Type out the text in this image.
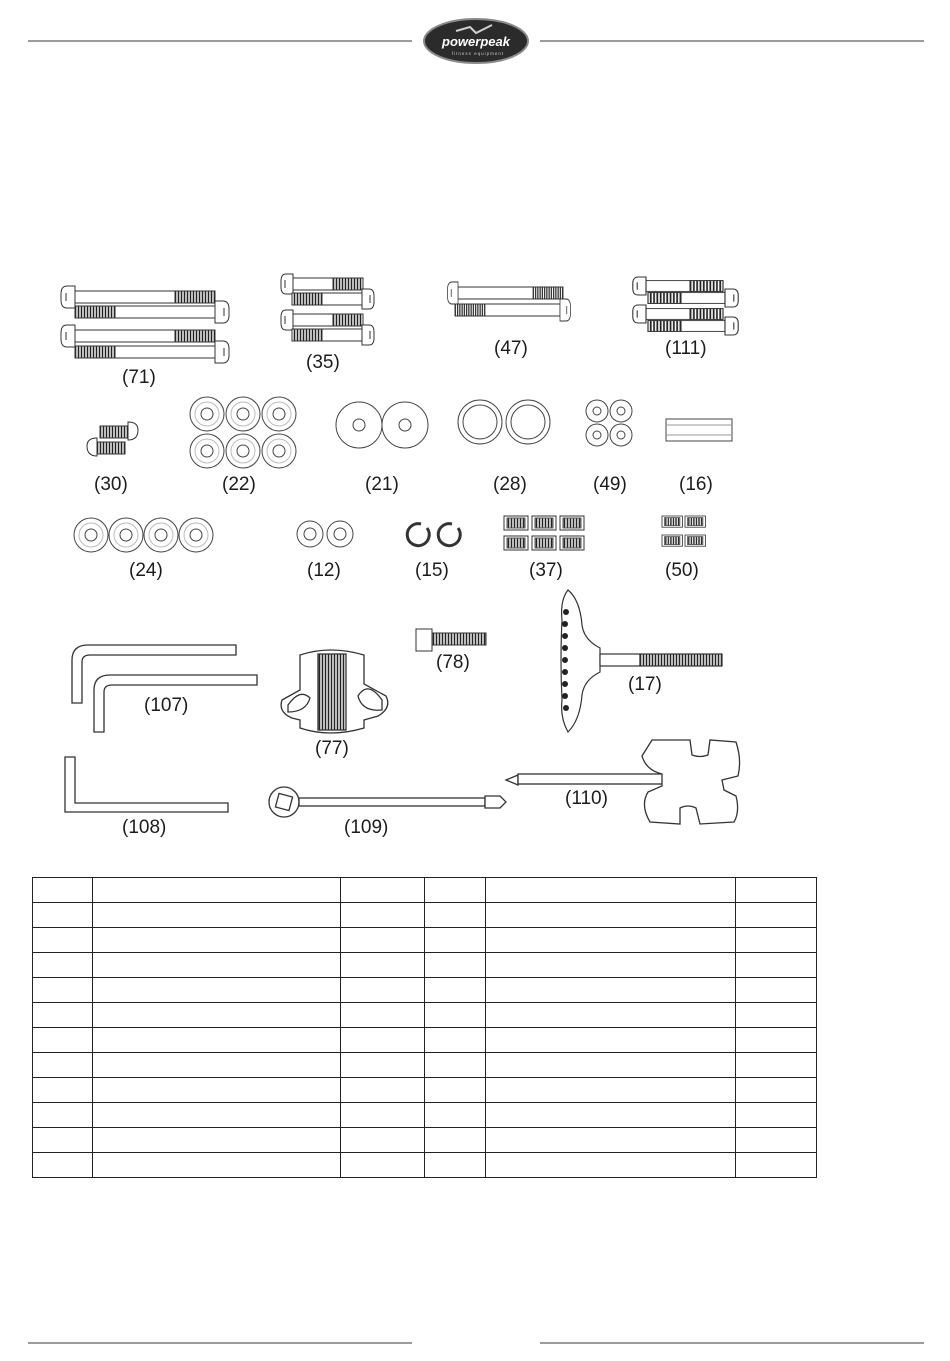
powerpeak
fitness equipment
(71)
(35)
(47)	(111)
(30)	(22)	(21)	(28)	(49)	(16)
(24)	(12)	(15)	(37)	(50)
(107)
(78)
(17)
(77)
(108)	(109)
(110)
